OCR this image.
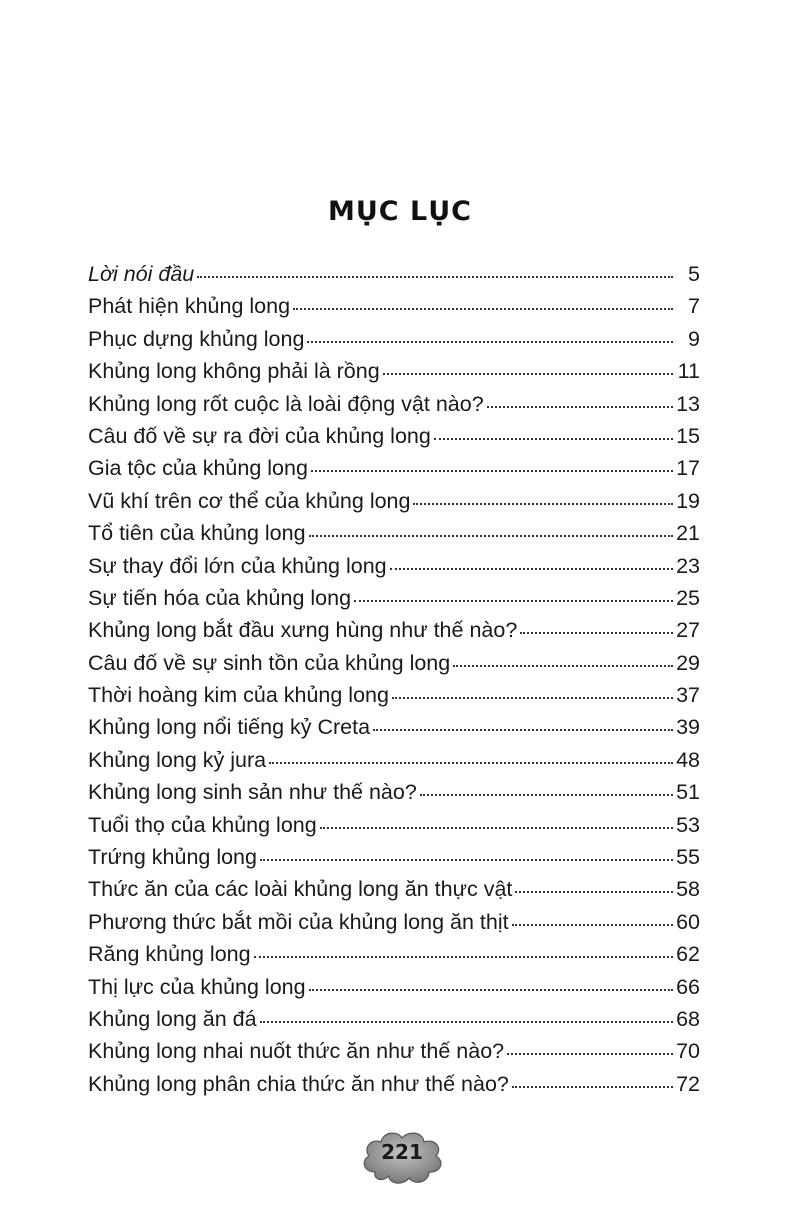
MỤC LỤC
Lời nói đầu	5
Phát hiện khủng long	7
Phục dựng khủng long	9
Khủng long không phải là rồng	11
Khủng long rốt cuộc là loài động vật nào?	13
Câu đố về sự ra đời của khủng long	15
Gia tộc của khủng long	17
Vũ khí trên cơ thể của khủng long	19
Tổ tiên của khủng long	21
Sự thay đổi lớn của khủng long	23
Sự tiến hóa của khủng long	25
Khủng long bắt đầu xưng hùng như thế nào?	27
Câu đố về sự sinh tồn của khủng long	29
Thời hoàng kim của khủng long	37
Khủng long nổi tiếng kỷ Creta	39
Khủng long kỷ jura	48
Khủng long sinh sản như thế nào?	51
Tuổi thọ của khủng long	53
Trứng khủng long	55
Thức ăn của các loài khủng long ăn thực vật	58
Phương thức bắt mồi của khủng long ăn thịt	60
Răng khủng long	62
Thị lực của khủng long	66
Khủng long ăn đá	68
Khủng long nhai nuốt thức ăn như thế nào?	70
Khủng long phân chia thức ăn như thế nào?	72
221
